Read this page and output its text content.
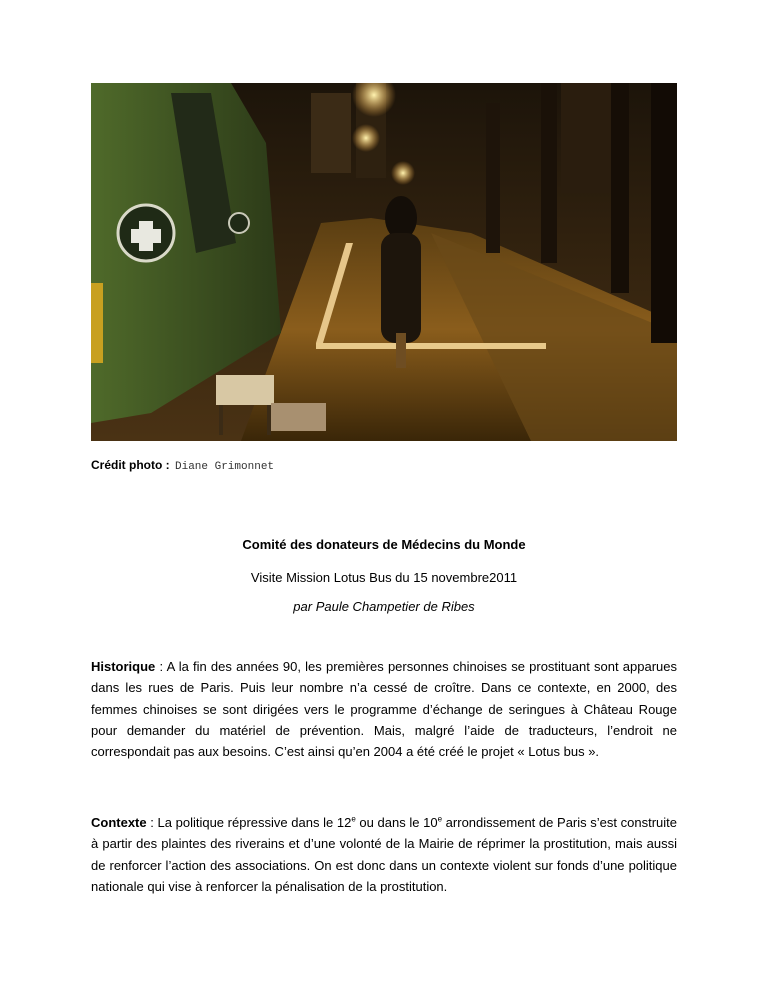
Crédit photo : Diane Grimonnet
Comité des donateurs de Médecins du Monde
Visite Mission Lotus Bus du 15 novembre2011
par Paule Champetier de Ribes
Historique : A la fin des années 90, les premières personnes chinoises se prostituant sont apparues dans les rues de Paris. Puis leur nombre n’a cessé de croître. Dans ce contexte, en 2000, des femmes chinoises se sont dirigées vers le programme d’échange de seringues à Château Rouge pour demander du matériel de prévention. Mais, malgré l’aide de traducteurs, l’endroit ne correspondait pas aux besoins. C’est ainsi qu’en 2004 a été créé le projet « Lotus bus ».
Contexte : La politique répressive dans le 12e ou dans le 10e arrondissement de Paris s’est construite à partir des plaintes des riverains et d’une volonté de la Mairie de réprimer la prostitution, mais aussi de renforcer l’action des associations. On est donc dans un contexte violent sur fonds d’une politique nationale qui vise à renforcer la pénalisation de la prostitution.
